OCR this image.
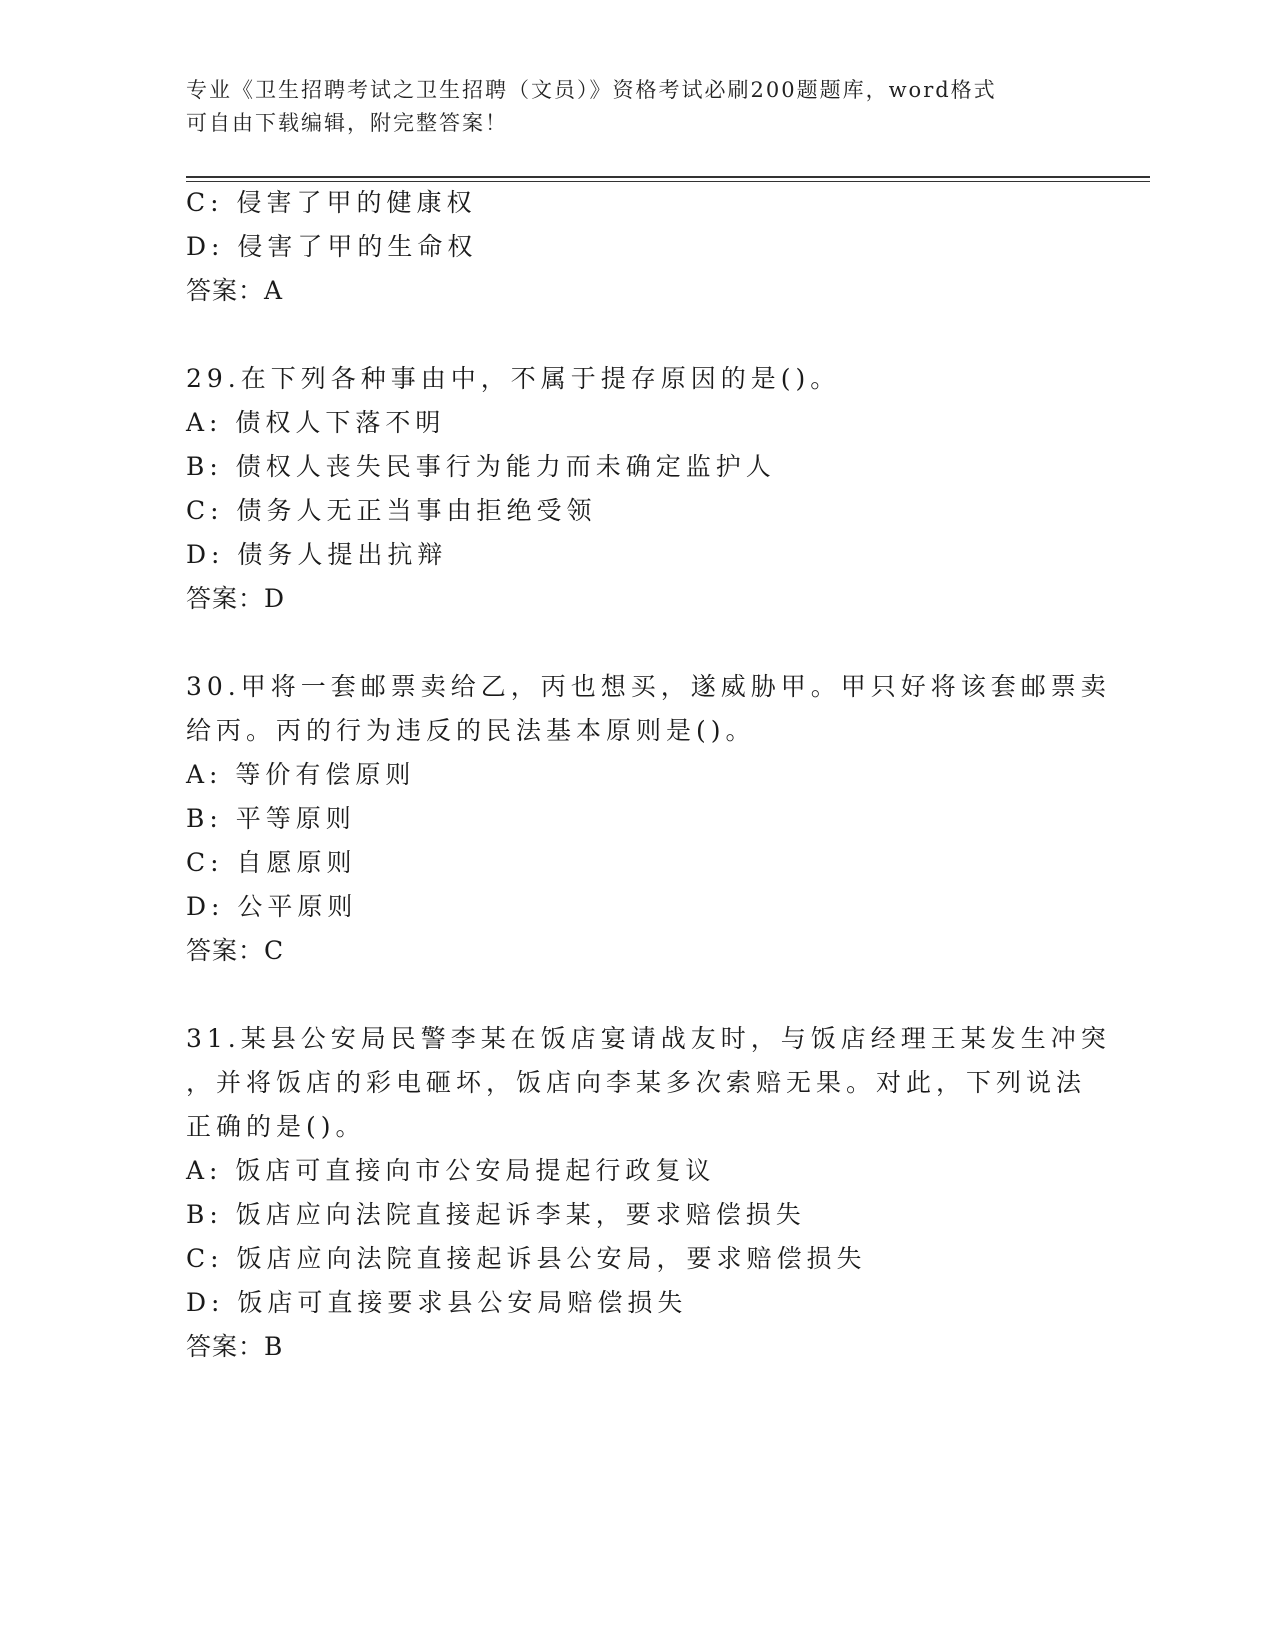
专业《卫生招聘考试之卫生招聘（文员）》资格考试必刷200题题库，word格式
可自由下载编辑，附完整答案！
C: 侵害了甲的健康权
D: 侵害了甲的生命权
答案：A
29.在下列各种事由中，不属于提存原因的是()。
A: 债权人下落不明
B: 债权人丧失民事行为能力而未确定监护人
C: 债务人无正当事由拒绝受领
D: 债务人提出抗辩
答案：D
30.甲将一套邮票卖给乙，丙也想买，遂威胁甲。甲只好将该套邮票卖
给丙。丙的行为违反的民法基本原则是()。
A: 等价有偿原则
B: 平等原则
C: 自愿原则
D: 公平原则
答案：C
31.某县公安局民警李某在饭店宴请战友时，与饭店经理王某发生冲突
，并将饭店的彩电砸坏，饭店向李某多次索赔无果。对此，下列说法
正确的是()。
A: 饭店可直接向市公安局提起行政复议
B: 饭店应向法院直接起诉李某，要求赔偿损失
C: 饭店应向法院直接起诉县公安局，要求赔偿损失
D: 饭店可直接要求县公安局赔偿损失
答案：B
